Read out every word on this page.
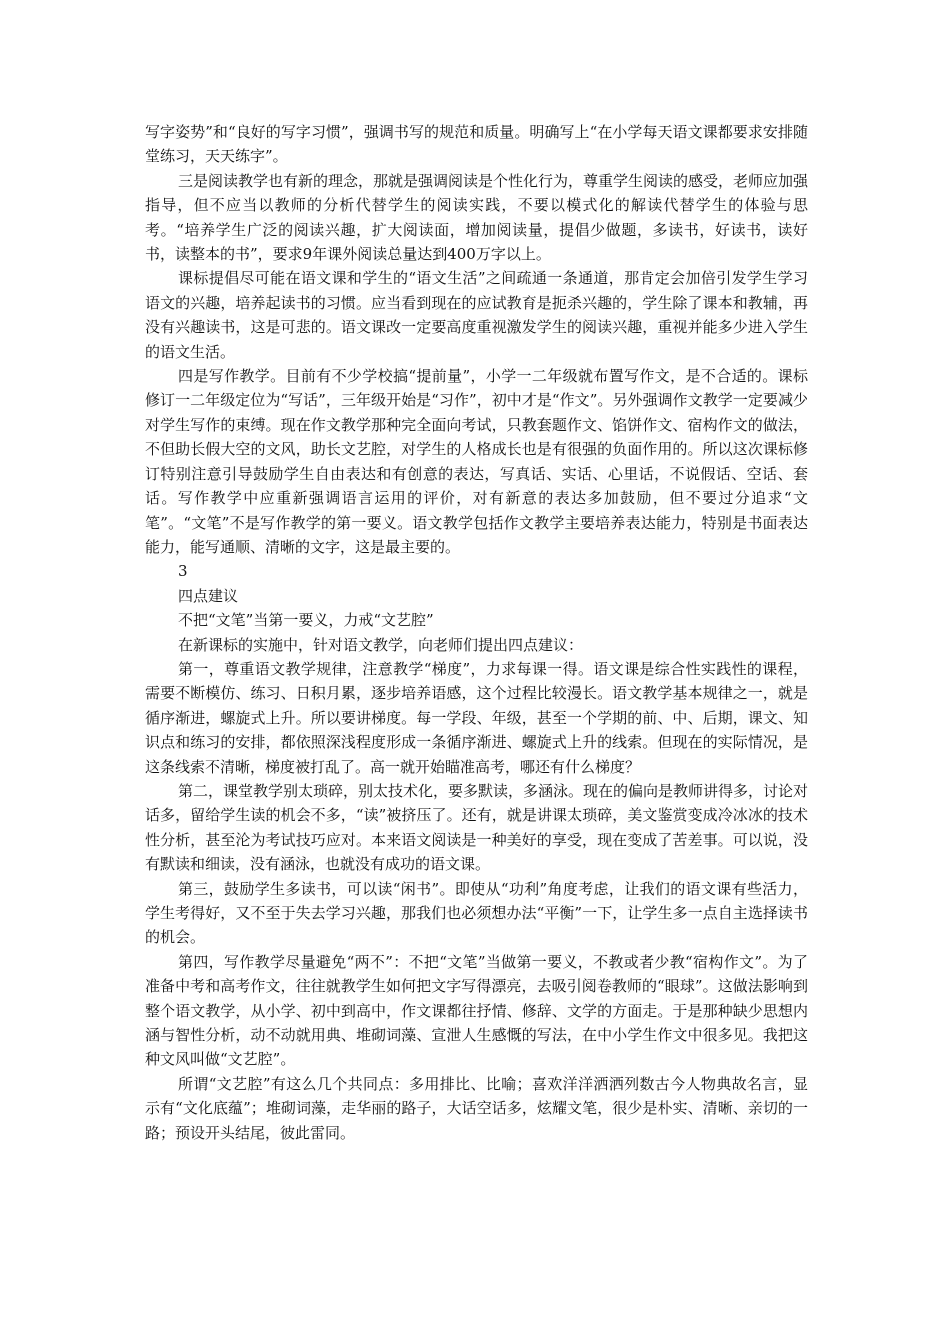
写字姿势”和“良好的写字习惯”，强调书写的规范和质量。明确写上“在小学每天语文课都要求安排随堂练习，天天练字”。

三是阅读教学也有新的理念，那就是强调阅读是个性化行为，尊重学生阅读的感受，老师应加强指导，但不应当以教师的分析代替学生的阅读实践，不要以模式化的解读代替学生的体验与思考。“培养学生广泛的阅读兴趣，扩大阅读面，增加阅读量，提倡少做题，多读书，好读书，读好书，读整本的书”，要求9年课外阅读总量达到400万字以上。

课标提倡尽可能在语文课和学生的“语文生活”之间疏通一条通道，那肯定会加倍引发学生学习语文的兴趣，培养起读书的习惯。应当看到现在的应试教育是扼杀兴趣的，学生除了课本和教辅，再没有兴趣读书，这是可悲的。语文课改一定要高度重视激发学生的阅读兴趣，重视并能多少进入学生的语文生活。

四是写作教学。目前有不少学校搞“提前量”，小学一二年级就布置写作文，是不合适的。课标修订一二年级定位为“写话”，三年级开始是“习作”，初中才是“作文”。另外强调作文教学一定要减少对学生写作的束缚。现在作文教学那种完全面向考试，只教套题作文、馅饼作文、宿构作文的做法，不但助长假大空的文风，助长文艺腔，对学生的人格成长也是有很强的负面作用的。所以这次课标修订特别注意引导鼓励学生自由表达和有创意的表达，写真话、实话、心里话，不说假话、空话、套话。写作教学中应重新强调语言运用的评价，对有新意的表达多加鼓励，但不要过分追求“文笔”。“文笔”不是写作教学的第一要义。语文教学包括作文教学主要培养表达能力，特别是书面表达能力，能写通顺、清晰的文字，这是最主要的。

3

四点建议

不把“文笔”当第一要义，力戒“文艺腔”

在新课标的实施中，针对语文教学，向老师们提出四点建议：

第一，尊重语文教学规律，注意教学“梯度”，力求每课一得。语文课是综合性实践性的课程，需要不断模仿、练习、日积月累，逐步培养语感，这个过程比较漫长。语文教学基本规律之一，就是循序渐进，螺旋式上升。所以要讲梯度。每一学段、年级，甚至一个学期的前、中、后期，课文、知识点和练习的安排，都依照深浅程度形成一条循序渐进、螺旋式上升的线索。但现在的实际情况，是这条线索不清晰，梯度被打乱了。高一就开始瞄准高考，哪还有什么梯度？

第二，课堂教学别太琐碎，别太技术化，要多默读，多涵泳。现在的偏向是教师讲得多，讨论对话多，留给学生读的机会不多，“读”被挤压了。还有，就是讲课太琐碎，美文鉴赏变成冷冰冰的技术性分析，甚至沦为考试技巧应对。本来语文阅读是一种美好的享受，现在变成了苦差事。可以说，没有默读和细读，没有涵泳，也就没有成功的语文课。

第三，鼓励学生多读书，可以读“闲书”。即使从“功利”角度考虑，让我们的语文课有些活力，学生考得好，又不至于失去学习兴趣，那我们也必须想办法“平衡”一下，让学生多一点自主选择读书的机会。

第四，写作教学尽量避免“两不”：不把“文笔”当做第一要义，不教或者少教“宿构作文”。为了准备中考和高考作文，往往就教学生如何把文字写得漂亮，去吸引阅卷教师的“眼球”。这做法影响到整个语文教学，从小学、初中到高中，作文课都往抒情、修辞、文学的方面走。于是那种缺少思想内涵与智性分析，动不动就用典、堆砌词藻、宣泄人生感慨的写法，在中小学生作文中很多见。我把这种文风叫做“文艺腔”。

所谓“文艺腔”有这么几个共同点：多用排比、比喻；喜欢洋洋洒洒列数古今人物典故名言，显示有“文化底蕴”；堆砌词藻，走华丽的路子，大话空话多，炫耀文笔，很少是朴实、清晰、亲切的一路；预设开头结尾，彼此雷同。
